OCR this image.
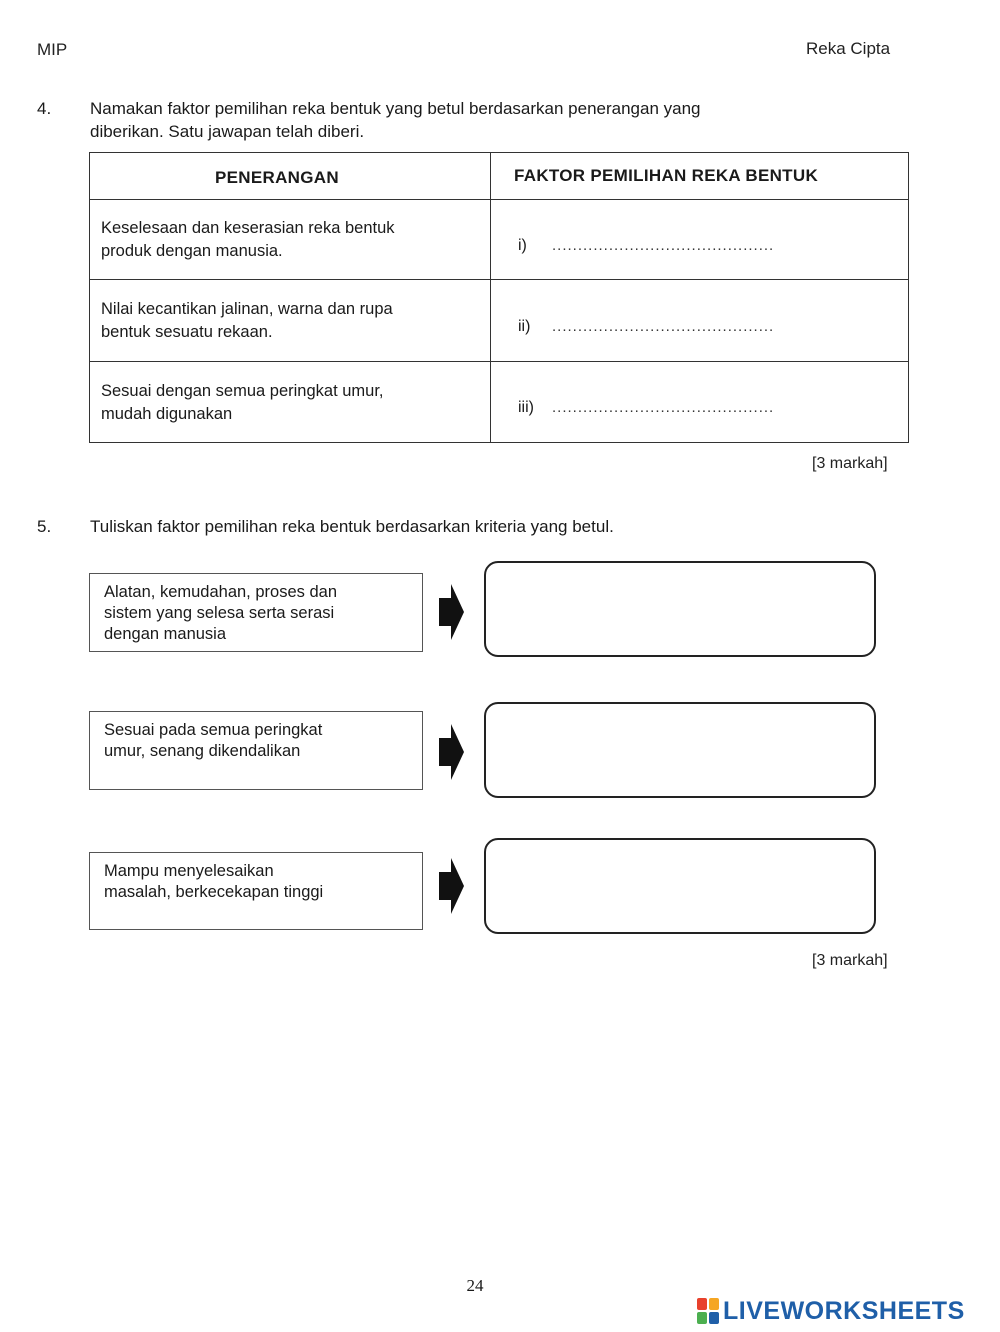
MIP	Reka Cipta
4. Namakan faktor pemilihan reka bentuk yang betul berdasarkan penerangan yang
diberikan. Satu jawapan telah diberi.
PENERANGAN	FAKTOR PEMILIHAN REKA BENTUK
Keselesaan dan keserasian reka bentuk
produk dengan manusia.	i) ...........................................
Nilai kecantikan jalinan, warna dan rupa
bentuk sesuatu rekaan.	ii) ...........................................
Sesuai dengan semua peringkat umur,
mudah digunakan	iii) ...........................................
[3 markah]
5. Tuliskan faktor pemilihan reka bentuk berdasarkan kriteria yang betul.
Alatan, kemudahan, proses dan
sistem yang selesa serta serasi
dengan manusia
Sesuai pada semua peringkat
umur, senang dikendalikan
Mampu menyelesaikan
masalah, berkecekapan tinggi
[3 markah]
24
LIVEWORKSHEETS
